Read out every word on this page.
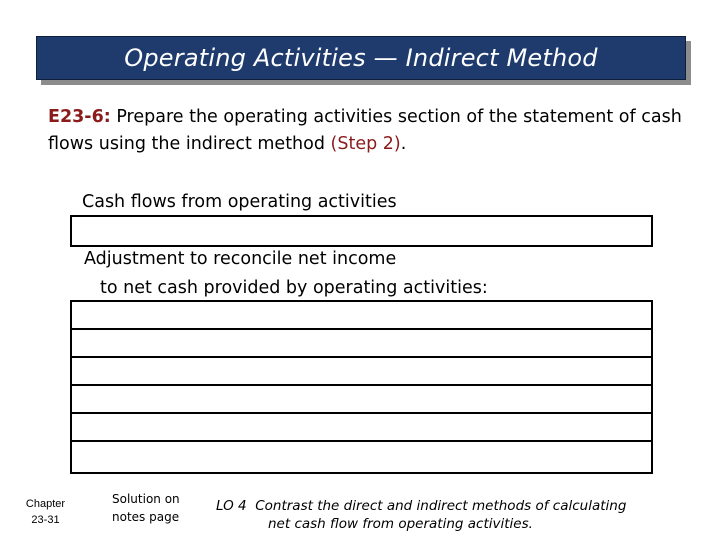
Operating Activities — Indirect Method
E23-6: Prepare the operating activities section of the statement of cash flows using the indirect method (Step 2).
Cash flows from operating activities
Adjustment to reconcile net income
to net cash provided by operating activities:
Chapter
23-31
Solution on
notes page
LO 4 Contrast the direct and indirect methods of calculating
net cash flow from operating activities.
